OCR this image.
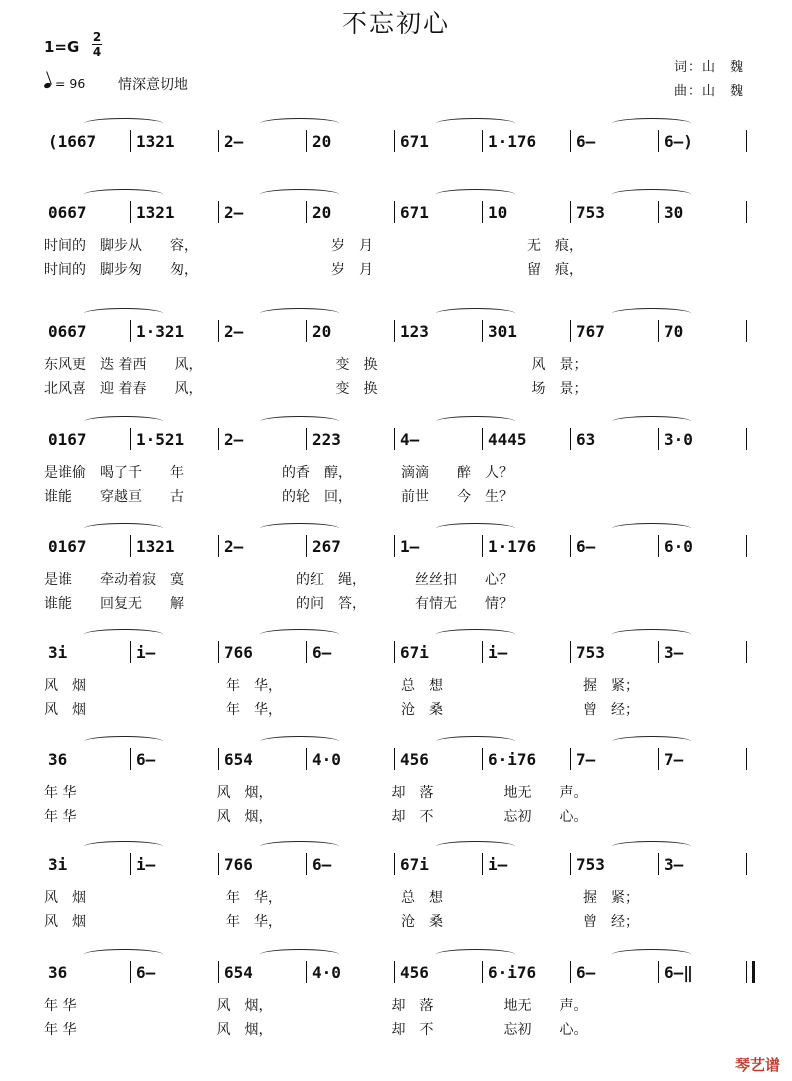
不忘初心
1=G
2
4
= 96 情深意切地
词：山　魏
曲：山　魏
(1667	1321	2–	20	671	1·176	6–	6–)
0667	1321	2–	20	671	10	753	30
时间的　脚步从　　容，　　　　　　　　　　岁　月　　　　　　　　　　　无　痕，
时间的　脚步匆　　匆，　　　　　　　　　　岁　月　　　　　　　　　　　留　痕，
0667	1·321	2–	20	123	301	767	70
东风更　迭 着西　　风，　　　　　　　　　　变　换　　　　　　　　　　　风　景；
北风喜　迎 着春　　风，　　　　　　　　　　变　换　　　　　　　　　　　场　景；
0167	1·521	2–	223	4–	4445	63	3·0
是谁偷　喝了千　　年　　　　　　　的香　醇，　　　　滴滴　　醉　人？
谁能　　穿越亘　　古　　　　　　　的轮　回，　　　　前世　　今　生？
0167	1321	2–	267	1–	1·176	6–	6·0
是谁　　牵动着寂　寞　　　　　　　　的红　绳，　　　　丝丝扣　　心？
谁能　　回复无　　解　　　　　　　　的问　答，　　　　有情无　　情？
3i	i–	766	6–	67i	i–	753	3–
风　烟　　　　　　　　　　年　华，　　　　　　　　　总　想　　　　　　　　　　握　紧；
风　烟　　　　　　　　　　年　华，　　　　　　　　　沧　桑　　　　　　　　　　曾　经；
36	6–	654	4·0	456	6·i76	7–	7–
年 华　　　　　　　　　　风　烟，　　　　　　　　　却　落　　　　　地无　　声。
年 华　　　　　　　　　　风　烟，　　　　　　　　　却　不　　　　　忘初　　心。
3i	i–	766	6–	67i	i–	753	3–
风　烟　　　　　　　　　　年　华，　　　　　　　　　总　想　　　　　　　　　　握　紧；
风　烟　　　　　　　　　　年　华，　　　　　　　　　沧　桑　　　　　　　　　　曾　经；
36	6–	654	4·0	456	6·i76	6–	6–‖
年 华　　　　　　　　　　风　烟，　　　　　　　　　却　落　　　　　地无　　声。
年 华　　　　　　　　　　风　烟，　　　　　　　　　却　不　　　　　忘初　　心。
琴艺谱
